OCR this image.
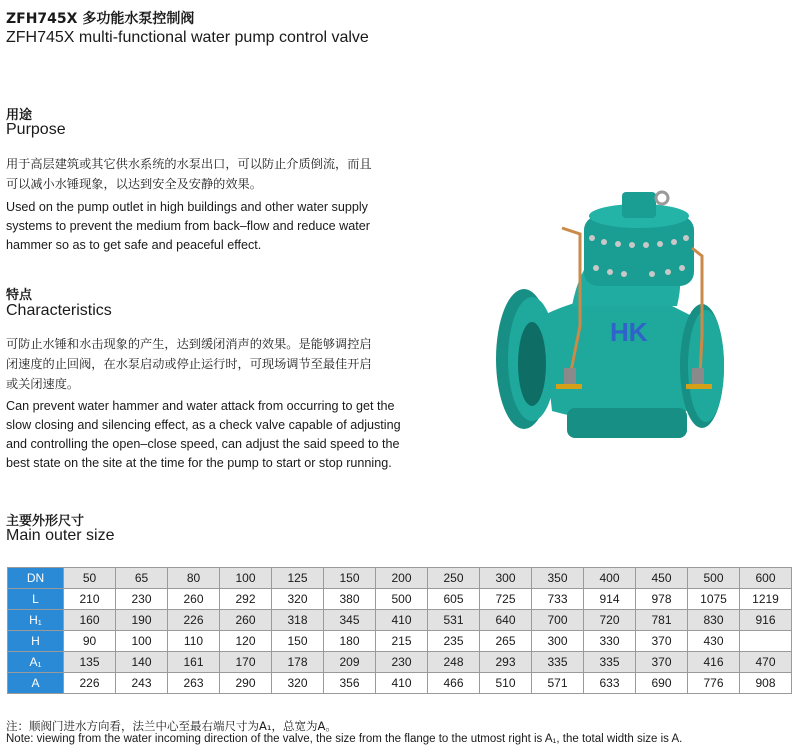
ZFH745X 多功能水泵控制阀
ZFH745X multi-functional water pump control valve
用途
Purpose
用于高层建筑或其它供水系统的水泵出口，可以防止介质倒流，而且
可以减小水锤现象，以达到安全及安静的效果。
Used on the pump outlet in high buildings and other water supply
systems to prevent the medium from back–flow and reduce water
hammer so as to get safe and peaceful effect.
特点
Characteristics
可防止水锤和水击现象的产生，达到缓闭消声的效果。是能够调控启
闭速度的止回阀，在水泵启动或停止运行时，可现场调节至最佳开启
或关闭速度。
Can prevent water hammer and water attack from occurring to get the
slow closing and silencing effect, as a check valve capable of adjusting
and controlling the open–close speed, can adjust the said speed to the
best state on the site at the time for the pump to start or stop running.
HK
主要外形尺寸
Main outer size
DN	50	65	80	100	125	150	200	250	300	350	400	450	500	600
L	210	230	260	292	320	380	500	605	725	733	914	978	1075	1219
H₁	160	190	226	260	318	345	410	531	640	700	720	781	830	916
H	90	100	110	120	150	180	215	235	265	300	330	370	430	
A₁	135	140	161	170	178	209	230	248	293	335	335	370	416	470
A	226	243	263	290	320	356	410	466	510	571	633	690	776	908
注：顺阀门进水方向看，法兰中心至最右端尺寸为A₁，总宽为A。
Note: viewing from the water incoming direction of the valve, the size from the flange to the utmost right is A₁, the total width size is A.
